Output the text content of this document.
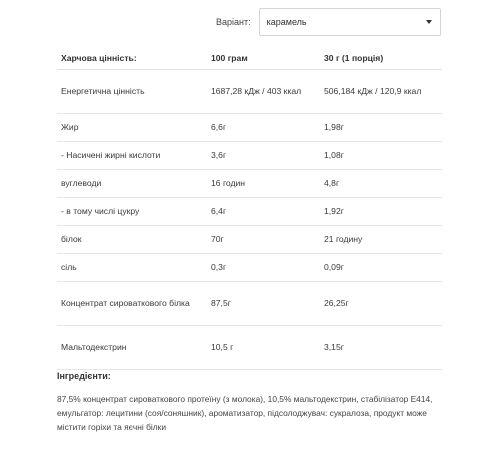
Варіант: карамель
Харчова цінність:	100 грам	30 г (1 порція)
Енергетична цінність	1687,28 кДж / 403 ккал	506,184 кДж / 120,9 ккал
Жир	6,6г	1,98г
- Насичені жирні кислоти	3,6г	1,08г
вуглеводи	16 годин	4,8г
- в тому числі цукру	6,4г	1,92г
білок	70г	21 годину
сіль	0,3г	0,09г
Концентрат сироваткового білка	87,5г	26,25г
Мальтодекстрин	10,5 г	3,15г
Інгредієнти:
87,5% концентрат сироваткового протеїну (з молока), 10,5% мальтодекстрин, стабілізатор Е414, емульгатор: лецитини (соя/соняшник), ароматизатор, підсолоджувач: сукралоза, продукт може містити горіхи та яєчні білки
